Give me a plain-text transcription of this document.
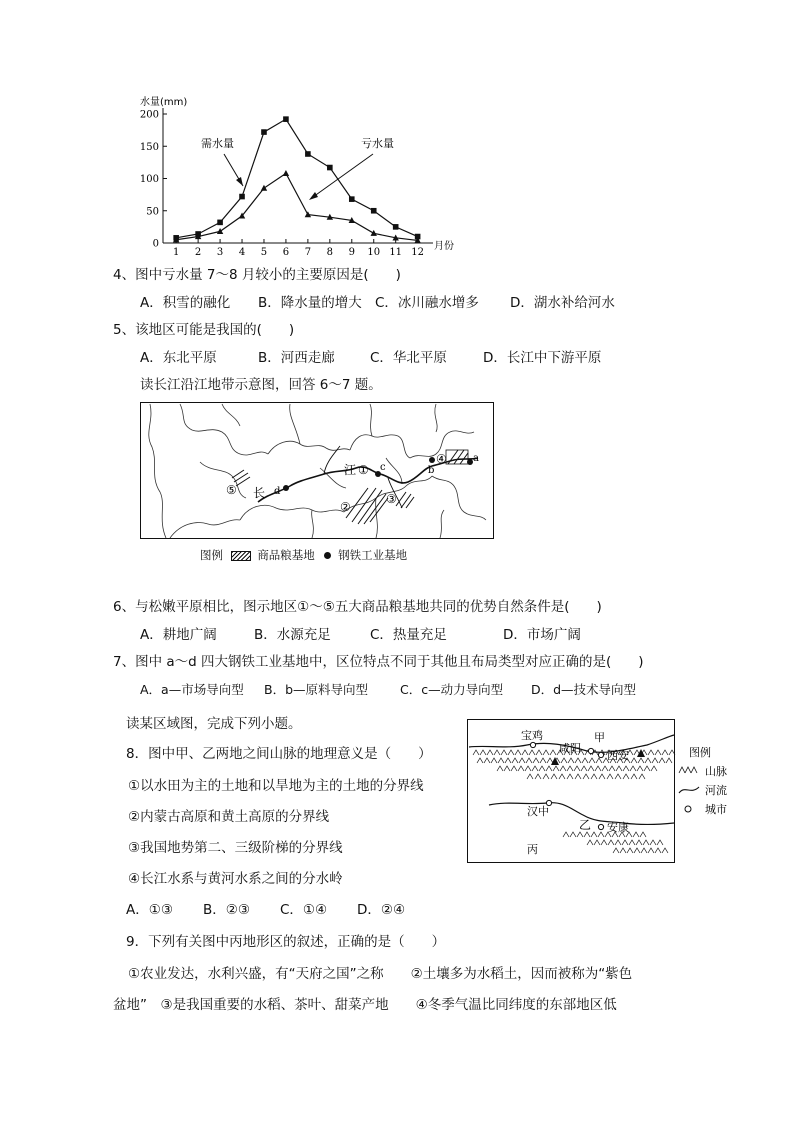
0
50
100
150
200
1 2 3 4 5 6 7 8 9 10 11 12
水量(mm)
月份
需水量	亏水量
4、图中亏水量 7～8 月较小的主要原因是(　　)
A．积雪的融化 B．降水量的增大 C．冰川融水增多 D．湖水补给河水
5、该地区可能是我国的(　　)
A．东北平原	B．河西走廊	C．华北平原	D．长江中下游平原
读长江沿江地带示意图，回答 6～7 题。
江
长
①
②
③
④
⑤
a
b
c
d
图例	商品粮基地 钢铁工业基地
6、与松嫩平原相比，图示地区①～⑤五大商品粮基地共同的优势自然条件是(　　)
A．耕地广阔	B．水源充足	C．热量充足	D．市场广阔
7、图中 a～d 四大钢铁工业基地中，区位特点不同于其他且布局类型对应正确的是(　　)
A．a—市场导向型 B．b—原料导向型	C．c—动力导向型 D．d—技术导向型
读某区域图，完成下列小题。
宝鸡
咸阳
甲
西安
汉中
乙 安康
丙
图例
山脉
河流
城市
8．图中甲、乙两地之间山脉的地理意义是（　　）
①以水田为主的土地和以旱地为主的土地的分界线
②内蒙古高原和黄土高原的分界线
③我国地势第二、三级阶梯的分界线
④长江水系与黄河水系之间的分水岭
A．①③ B．②③ C．①④ D．②④
9．下列有关图中丙地形区的叙述，正确的是（　　）
①农业发达，水利兴盛，有“天府之国”之称　　②土壤多为水稻土，因而被称为“紫色
盆地”　③是我国重要的水稻、茶叶、甜菜产地　　④冬季气温比同纬度的东部地区低
